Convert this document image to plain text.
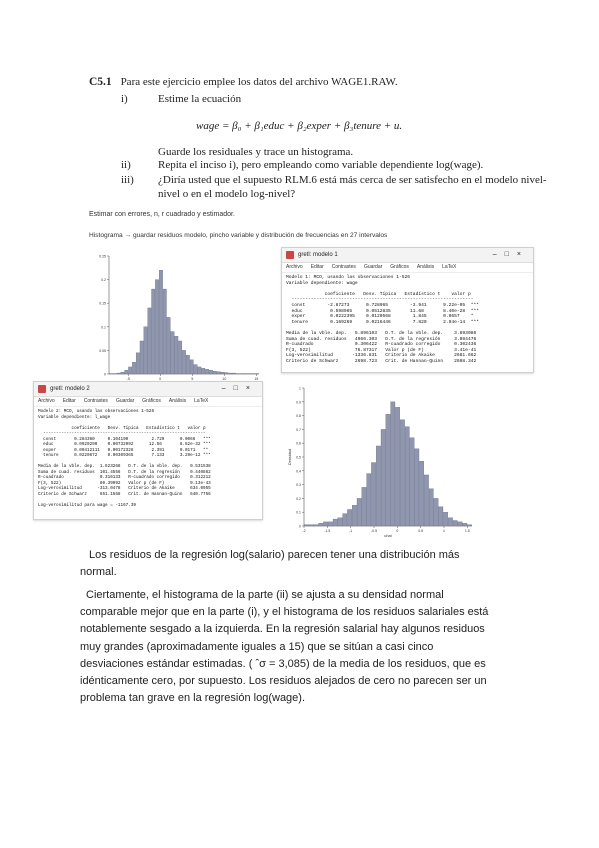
C5.1 Para este ejercicio emplee los datos del archivo WAGE1.RAW.
i)	Estime la ecuación
wage = β₀ + β₁educ + β₂exper + β₃tenure + u.
Guarde los residuales y trace un histograma.
ii) Repita el inciso i), pero empleando como variable dependiente log(wage).
iii) ¿Diría usted que el supuesto RLM.6 está más cerca de ser satisfecho en el modelo nivel-
nivel o en el modelo log-nivel?
Estimar con errores, n, r cuadrado y estimador.
Histograma → guardar residuos modelo, pincho variable y distribución de frecuencias en 27 intervalos
0
0.05
0.1
0.15
0.2
0.25
-5	0	5	10	15
0
0.1
0.2
0.3
0.4
0.5
0.6
0.7
0.8
0.9
1
-2	-1.5	-1	-0.5	0	0.5	1	1.5
Densidad
uhat
gretl: modelo 1	–□×
Archivo Editar Contrastes Guardar Gráficos Análisis LaTeX
Modelo 1: MCO, usando las observaciones 1-526
Variable dependiente: wage

coeficiente   Desv. Típica   Estadístico t    valor p
------------------------------------------------------------------
const        -2.87273      0.728965        -3.941      9.22e-05  ***
educ          0.598965     0.0512835       11.68       8.40e-28  ***
exper         0.0222395    0.0120568        1.845      0.0657    *
tenure        0.169269     0.0216446        7.820      2.94e-14  ***

Media de la vble. dep.   5.896103   D.T. de la vble. dep.    3.693086
Suma de cuad. residuos   4966.303   D.T. de la regresión     3.084476
R-cuadrado               0.306422   R-cuadrado corregido     0.302436
F(3, 522)                76.87317   Valor p (de F)           3.41e-41
Log-verosimilitud       -1336.831   Criterio de Akaike       2681.662
Criterio de Schwarz      2698.723   Crit. de Hannan-Quinn    2688.342
gretl: modelo 2	–□×
Archivo Editar Contrastes Guardar Gráficos Análisis LaTeX
Modelo 2: MCO, usando las observaciones 1-526
Variable dependiente: l_wage

coeficiente   Desv. Típica   Estadístico t   valor p
---------------------------------------------------------------
const       0.284360     0.104190         2.729      0.0066   ***
educ        0.0920290    0.00732992      12.56       8.82e-32 ***
exper       0.00412111   0.00172328       2.391      0.0171   **
tenure      0.0220672    0.00309365       7.133      3.29e-12 ***

Media de la vble. dep.  1.623268   D.T. de la vble. dep.   0.531538
Suma de cuad. residuos  101.4556   D.T. de la regresión    0.440862
R-cuadrado              0.316133   R-cuadrado corregido    0.312212
F(3, 522)               80.39092   Valor p (de F)          9.13e-43
Log-verosimilitud      -313.0478   Criterio de Akaike      634.0955
Criterio de Schwarz     651.1568   Crit. de Hannan-Quinn   640.7756

Log-verosimilitud para wage = -1167.39
Los residuos de la regresión log(salario) parecen tener una distribución más
normal.
Ciertamente, el histograma de la parte (ii) se ajusta a su densidad normal
comparable mejor que en la parte (i), y el histograma de los residuos salariales está
notablemente sesgado a la izquierda. En la regresión salarial hay algunos residuos
muy grandes (aproximadamente iguales a 15) que se sitúan a casi cinco
desviaciones estándar estimadas. ( ˆσ = 3,085) de la media de los residuos, que es
idénticamente cero, por supuesto. Los residuos alejados de cero no parecen ser un
problema tan grave en la regresión log(wage).
